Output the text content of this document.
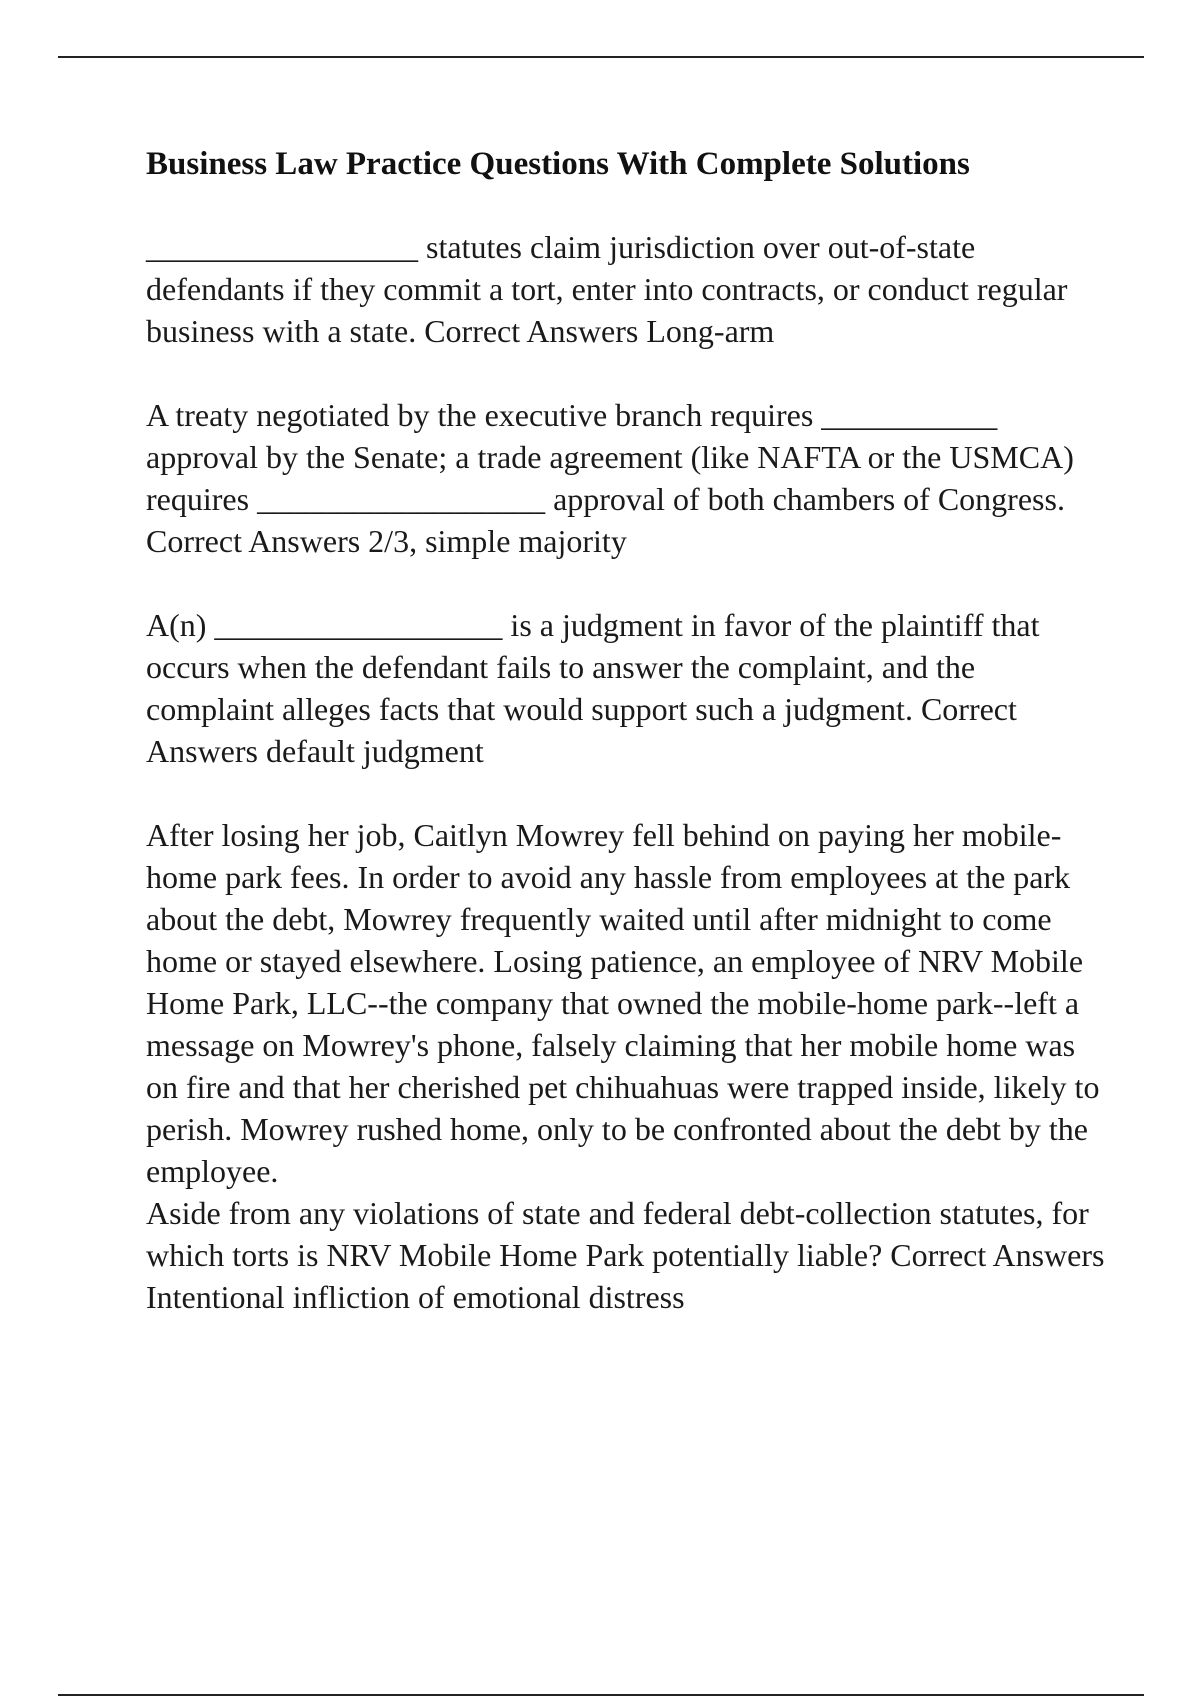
Business Law Practice Questions With Complete Solutions
_________________ statutes claim jurisdiction over out-of-state defendants if they commit a tort, enter into contracts, or conduct regular business with a state. Correct Answers Long-arm
A treaty negotiated by the executive branch requires ___________ approval by the Senate; a trade agreement (like NAFTA or the USMCA) requires __________________ approval of both chambers of Congress. Correct Answers 2/3, simple majority
A(n) __________________ is a judgment in favor of the plaintiff that occurs when the defendant fails to answer the complaint, and the complaint alleges facts that would support such a judgment. Correct Answers default judgment
After losing her job, Caitlyn Mowrey fell behind on paying her mobile-home park fees. In order to avoid any hassle from employees at the park about the debt, Mowrey frequently waited until after midnight to come home or stayed elsewhere. Losing patience, an employee of NRV Mobile Home Park, LLC--the company that owned the mobile-home park--left a message on Mowrey's phone, falsely claiming that her mobile home was on fire and that her cherished pet chihuahuas were trapped inside, likely to perish. Mowrey rushed home, only to be confronted about the debt by the employee.
Aside from any violations of state and federal debt-collection statutes, for which torts is NRV Mobile Home Park potentially liable? Correct Answers Intentional infliction of emotional distress
